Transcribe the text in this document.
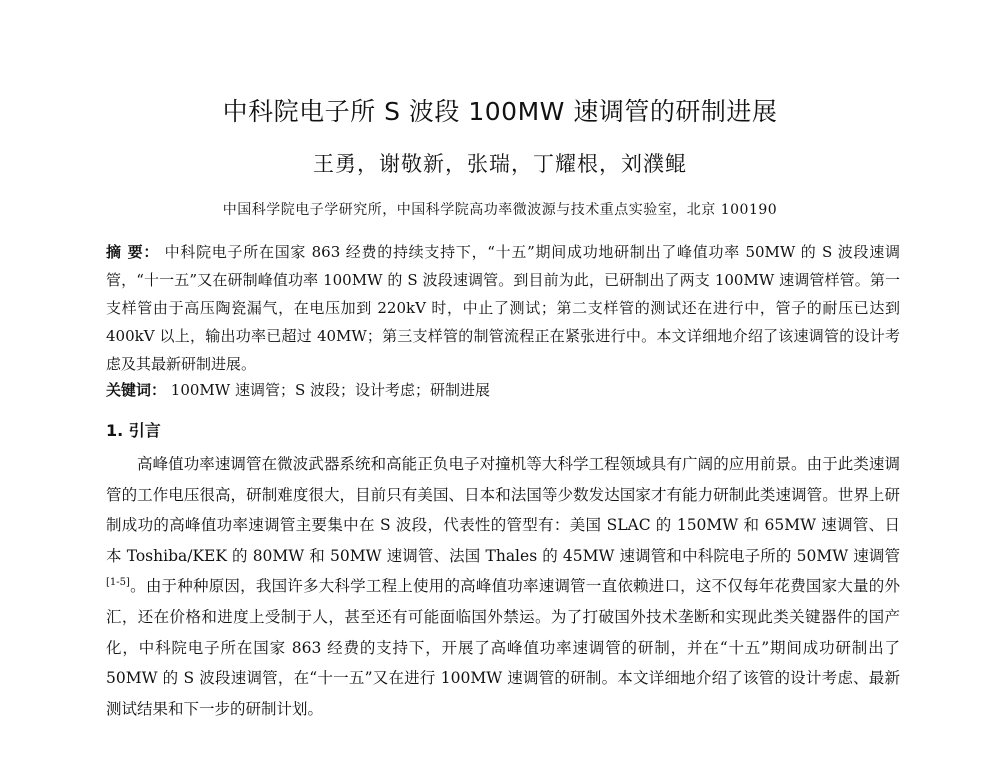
中科院电子所 S 波段 100MW 速调管的研制进展
王勇，谢敬新，张瑞，丁耀根，刘濮鲲
中国科学院电子学研究所，中国科学院高功率微波源与技术重点实验室，北京 100190
摘 要： 中科院电子所在国家 863 经费的持续支持下，“十五”期间成功地研制出了峰值功率 50MW 的 S 波段速调管，“十一五”又在研制峰值功率 100MW 的 S 波段速调管。到目前为此，已研制出了两支 100MW 速调管样管。第一支样管由于高压陶瓷漏气，在电压加到 220kV 时，中止了测试；第二支样管的测试还在进行中，管子的耐压已达到 400kV 以上，输出功率已超过 40MW；第三支样管的制管流程正在紧张进行中。本文详细地介绍了该速调管的设计考虑及其最新研制进展。
关键词： 100MW 速调管；S 波段；设计考虑；研制进展
1. 引言
高峰值功率速调管在微波武器系统和高能正负电子对撞机等大科学工程领域具有广阔的应用前景。由于此类速调管的工作电压很高，研制难度很大，目前只有美国、日本和法国等少数发达国家才有能力研制此类速调管。世界上研制成功的高峰值功率速调管主要集中在 S 波段，代表性的管型有：美国 SLAC 的 150MW 和 65MW 速调管、日本 Toshiba/KEK 的 80MW 和 50MW 速调管、法国 Thales 的 45MW 速调管和中科院电子所的 50MW 速调管[1-5]。由于种种原因，我国许多大科学工程上使用的高峰值功率速调管一直依赖进口，这不仅每年花费国家大量的外汇，还在价格和进度上受制于人，甚至还有可能面临国外禁运。为了打破国外技术垄断和实现此类关键器件的国产化，中科院电子所在国家 863 经费的支持下，开展了高峰值功率速调管的研制，并在“十五”期间成功研制出了 50MW 的 S 波段速调管，在“十一五”又在进行 100MW 速调管的研制。本文详细地介绍了该管的设计考虑、最新测试结果和下一步的研制计划。
